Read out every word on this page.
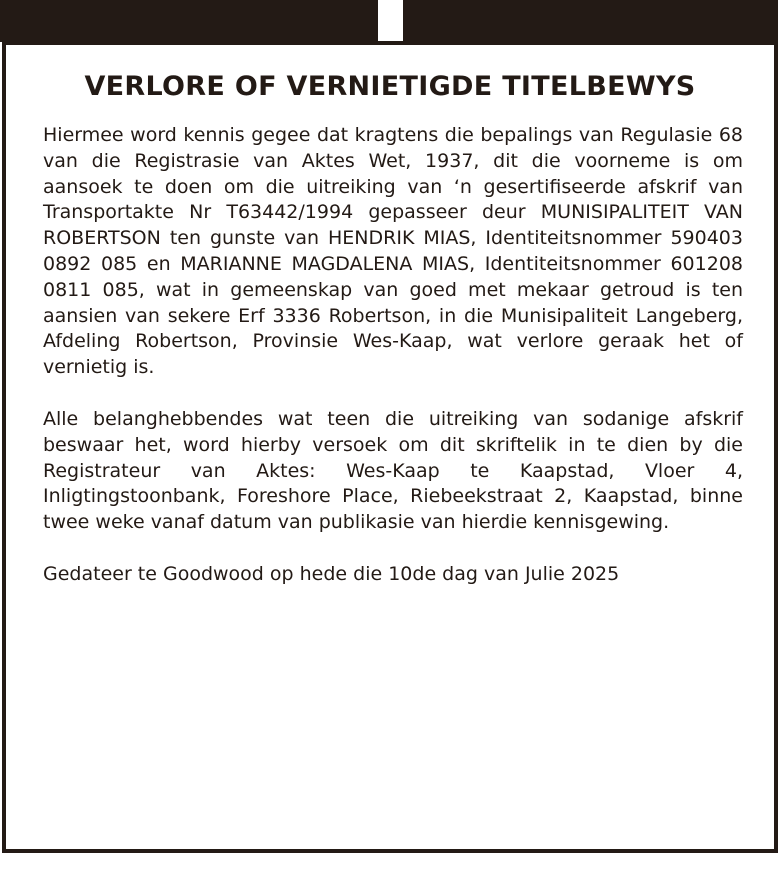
VERLORE OF VERNIETIGDE TITELBEWYS

Hiermee word kennis gegee dat kragtens die bepalings van Regulasie 68 van die Registrasie van Aktes Wet, 1937, dit die voorneme is om aansoek te doen om die uitreiking van ‘n gesertifiseerde afskrif van Transportakte Nr T63442/1994 gepasseer deur MUNISIPALITEIT VAN ROBERTSON ten gunste van HENDRIK MIAS, Identiteitsnommer 590403 0892 085 en MARIANNE MAGDALENA MIAS, Identiteitsnommer 601208 0811 085, wat in gemeenskap van goed met mekaar getroud is ten aansien van sekere Erf 3336 Robertson, in die Munisipaliteit Langeberg, Afdeling Robertson, Provinsie Wes-Kaap, wat verlore geraak het of vernietig is.

Alle belanghebbendes wat teen die uitreiking van sodanige afskrif beswaar het, word hierby versoek om dit skriftelik in te dien by die Registrateur van Aktes: Wes-Kaap te Kaapstad, Vloer 4, Inligtingstoonbank, Foreshore Place, Riebeekstraat 2, Kaapstad, binne twee weke vanaf datum van publikasie van hierdie kennisgewing.

Gedateer te Goodwood op hede die 10de dag van Julie 2025
